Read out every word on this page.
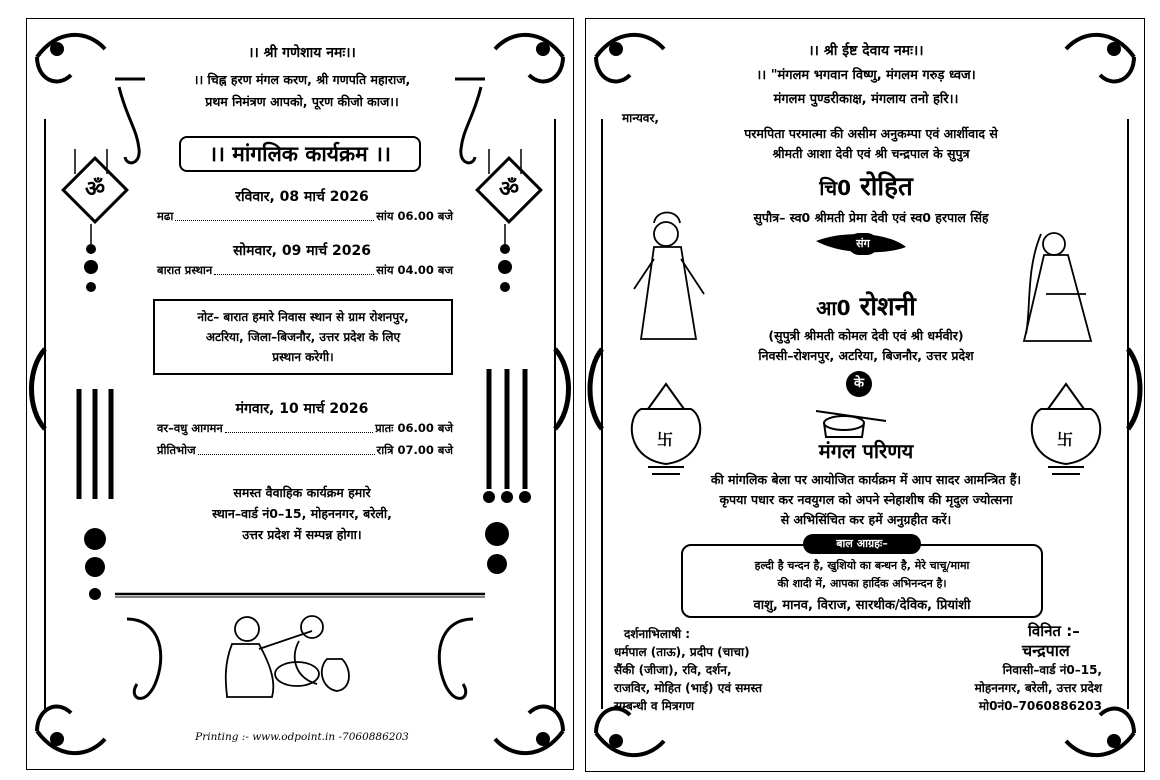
ॐ	ॐ
।। श्री गणेशाय नमः।।
।। चिह्न हरण मंगल करण, श्री गणपति महाराज,
प्रथम निमंत्रण आपको, पूरण कीजो काज।।
।। मांगलिक कार्यक्रम ।।
रविवार, 08 मार्च 2026
मढा	सांय 06.00 बजे
सोमवार, 09 मार्च 2026
बारात प्रस्थान	सांय 04.00 बज
नोट– बारात हमारे निवास स्थान से ग्राम रोशनपुर,
अटरिया, जिला–बिजनौर, उत्तर प्रदेश के लिए
प्रस्थान करेगी।
मंगवार, 10 मार्च 2026
वर–वधु आगमन	प्रातः 06.00 बजे
प्रीतिभोज	रात्रि 07.00 बजे
समस्त वैवाहिक कार्यक्रम हमारे
स्थान–वार्ड नं0–15, मोहननगर, बरेली,
उत्तर प्रदेश में सम्पन्न होगा।
Printing :- www.odpoint.in -7060886203
।। श्री ईष्ट देवाय नमः।।
।। "मंगलम भगवान विष्णु, मंगलम गरुड़ ध्वज।
मंगलम पुण्डरीकाक्ष, मंगलाय तनो हरि।।
मान्यवर,
परमपिता परमात्मा की असीम अनुकम्पा एवं आर्शीवाद से
श्रीमती आशा देवी एवं श्री चन्द्रपाल के सुपुत्र
चि0 रोहित
सुपौत्र– स्व0 श्रीमती प्रेमा देवी एवं स्व0 हरपाल सिंह
संग
आ0 रोशनी
(सुपुत्री श्रीमती कोमल देवी एवं श्री धर्मवीर)
निवसी–रोशनपुर, अटरिया, बिजनौर, उत्तर प्रदेश
के
卐	卐
मंगल परिणय
की मांगलिक बेला पर आयोजित कार्यक्रम में आप सादर आमन्त्रित हैं।
कृपया पधार कर नवयुगल को अपने स्नेहाशीष की मृदुल ज्योत्सना
से अभिसिंचित कर हमें अनुग्रहीत करें।
बाल आग्रहः–
हल्दी है चन्दन है, खुशियो का बन्धन है, मेरे चाचू/मामा
की शादी में, आपका हार्दिक अभिनन्दन है।
वाशु, मानव, विराज, सारथीक/देविक, प्रियांशी
दर्शनाभिलाषी :
धर्मपाल (ताऊ), प्रदीप (चाचा)
सैंकी (जीजा), रवि, दर्शन,
राजविर, मोहित (भाई) एवं समस्त
सम्बन्धी व मित्रगण
विनित :–
चन्द्रपाल
निवासी–वार्ड नं0–15,
मोहननगर, बरेली, उत्तर प्रदेश
मो0नं0–7060886203
